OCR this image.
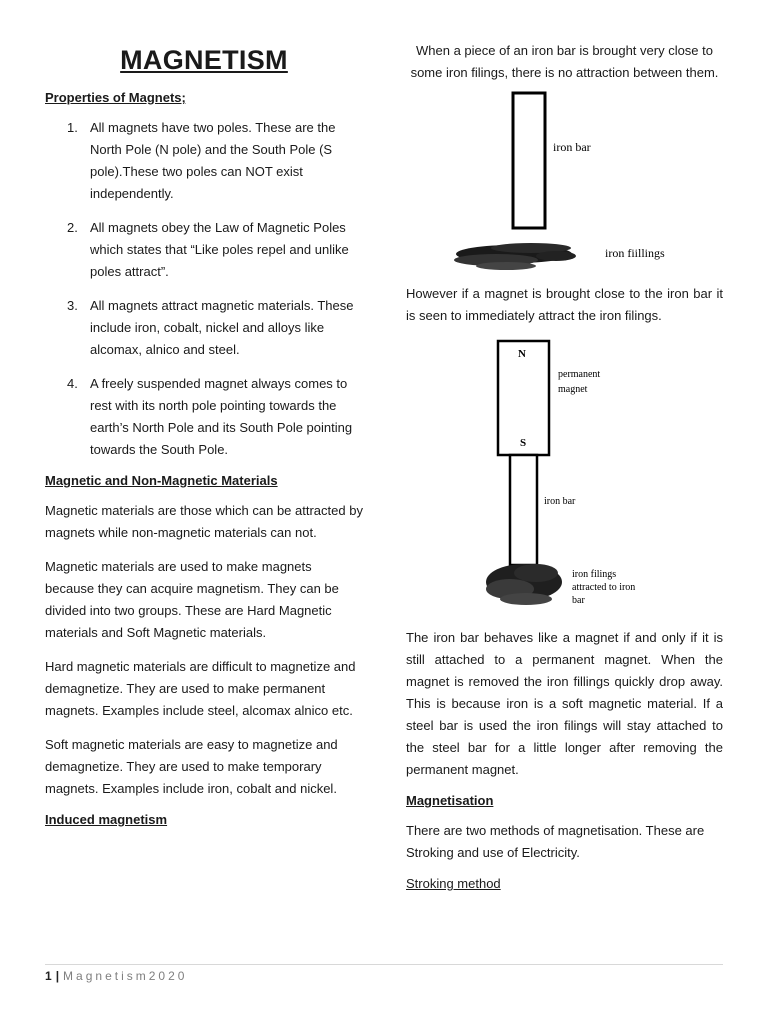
MAGNETISM
Properties of Magnets;
1. All magnets have two poles. These are the North Pole (N pole) and the South Pole (S pole).These two poles can NOT exist independently.
2. All magnets obey the Law of Magnetic Poles which states that “Like poles repel and unlike poles attract”.
3. All magnets attract magnetic materials. These include iron, cobalt, nickel and alloys like alcomax, alnico and steel.
4. A freely suspended magnet always comes to rest with its north pole pointing towards the earth’s North Pole and its South Pole pointing towards the South Pole.
Magnetic and Non-Magnetic Materials

Magnetic materials are those which can be attracted by magnets while non-magnetic materials can not.

Magnetic materials are used to make magnets because they can acquire magnetism. They can be divided into two groups. These are Hard Magnetic materials and Soft Magnetic materials.

Hard magnetic materials are difficult to magnetize and demagnetize. They are used to make permanent magnets. Examples include steel, alcomax alnico etc.

Soft magnetic materials are easy to magnetize and demagnetize. They are used to make temporary magnets. Examples include iron, cobalt and nickel.

Induced magnetism

When a piece of an iron bar is brought very close to some iron filings, there is no attraction between them.

iron bar
iron fiillings

However if a magnet is brought close to the iron bar it is seen to immediately attract the iron filings.

N
S
permanent
magnet
iron bar
iron filings
attracted to iron
bar

The iron bar behaves like a magnet if and only if it is still attached to a permanent magnet. When the magnet is removed the iron fillings quickly drop away. This is because iron is a soft magnetic material. If a steel bar is used the iron filings will stay attached to the steel bar for a little longer after removing the permanent magnet.

Magnetisation

There are two methods of magnetisation. These are Stroking and use of Electricity.

Stroking method
1 | Magnetism2020
